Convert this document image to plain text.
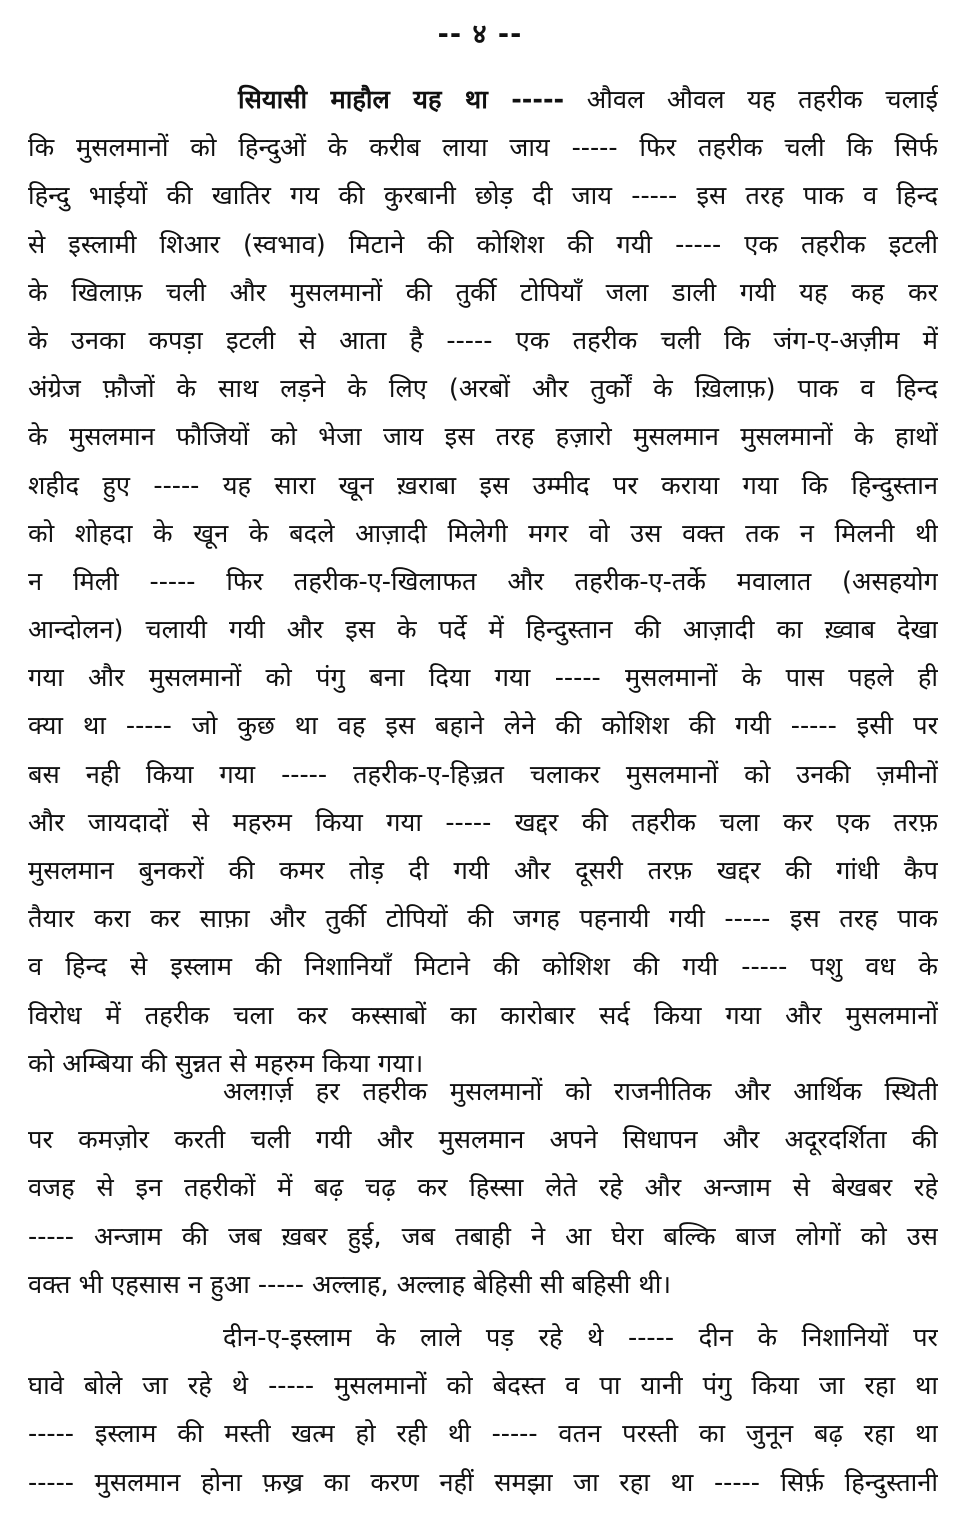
-- ४ --
सियासी माहौल यह था ----- औवल औवल यह तहरीक चलाई
कि मुसलमानों को हिन्दुओं के करीब लाया जाय ----- फिर तहरीक चली कि सिर्फ
हिन्दु भाईयों की खातिर गय की कुरबानी छोड़ दी जाय ----- इस तरह पाक व हिन्द
से इस्लामी शिआर (स्वभाव) मिटाने की कोशिश की गयी ----- एक तहरीक इटली
के खिलाफ़ चली और मुसलमानों की तुर्की टोपियाँ जला डाली गयी यह कह कर
के उनका कपड़ा इटली से आता है ----- एक तहरीक चली कि जंग-ए-अज़ीम में
अंग्रेज फ़ौजों के साथ लड़ने के लिए (अरबों और तुर्कों के ख़िलाफ़) पाक व हिन्द
के मुसलमान फौजियों को भेजा जाय इस तरह हज़ारो मुसलमान मुसलमानों के हाथों
शहीद हुए ----- यह सारा खून ख़राबा इस उम्मीद पर कराया गया कि हिन्दुस्तान
को शोहदा के खून के बदले आज़ादी मिलेगी मगर वो उस वक्त तक न मिलनी थी
न मिली ----- फिर तहरीक-ए-खिलाफत और तहरीक-ए-तर्के मवालात (असहयोग
आन्दोलन) चलायी गयी और इस के पर्दे में हिन्दुस्तान की आज़ादी का ख़्वाब देखा
गया और मुसलमानों को पंगु बना दिया गया ----- मुसलमानों के पास पहले ही
क्या था ----- जो कुछ था वह इस बहाने लेने की कोशिश की गयी ----- इसी पर
बस नही किया गया ----- तहरीक-ए-हिज़्रत चलाकर मुसलमानों को उनकी ज़मीनों
और जायदादों से महरुम किया गया ----- खद्दर की तहरीक चला कर एक तरफ़
मुसलमान बुनकरों की कमर तोड़ दी गयी और दूसरी तरफ़ खद्दर की गांधी कैप
तैयार करा कर साफ़ा और तुर्की टोपियों की जगह पहनायी गयी ----- इस तरह पाक
व हिन्द से इस्लाम की निशानियाँ मिटाने की कोशिश की गयी ----- पशु वध के
विरोध में तहरीक चला कर कस्साबों का कारोबार सर्द किया गया और मुसलमानों
को अम्बिया की सुन्नत से महरुम किया गया।
अलग़र्ज़ हर तहरीक मुसलमानों को राजनीतिक और आर्थिक स्थिती
पर कमज़ोर करती चली गयी और मुसलमान अपने सिधापन और अदूरदर्शिता की
वजह से इन तहरीकों में बढ़ चढ़ कर हिस्सा लेते रहे और अन्जाम से बेखबर रहे
----- अन्जाम की जब ख़बर हुई, जब तबाही ने आ घेरा बल्कि बाज लोगों को उस
वक्त भी एहसास न हुआ ----- अल्लाह, अल्लाह बेहिसी सी बहिसी थी।
दीन-ए-इस्लाम के लाले पड़ रहे थे ----- दीन के निशानियों पर
घावे बोले जा रहे थे ----- मुसलमानों को बेदस्त व पा यानी पंगु किया जा रहा था
----- इस्लाम की मस्ती खत्म हो रही थी ----- वतन परस्ती का जुनून बढ़ रहा था
----- मुसलमान होना फ़ख्र का करण नहीं समझा जा रहा था ----- सिर्फ़ हिन्दुस्तानी
